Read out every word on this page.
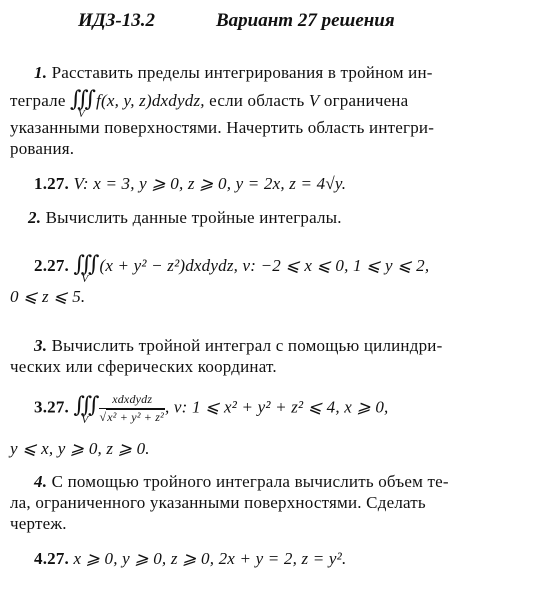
ИДЗ-13.2	Вариант 27 решения
1. Расставить пределы интегрирования в тройном ин-
теграле ∭
V
f(x, y, z)dxdydz, если область V ограничена
указанными поверхностями. Начертить область интегри-
рования.
1.27. V: x = 3, y ⩾ 0, z ⩾ 0, y = 2x, z = 4√y.
2. Вычислить данные тройные интегралы.
2.27. ∭
V
(x + y² − z²)dxdydz, v: −2 ⩽ x ⩽ 0, 1 ⩽ y ⩽ 2,
0 ⩽ z ⩽ 5.
3. Вычислить тройной интеграл с помощью цилиндри-
ческих или сферических координат.
3.27. ∭
V $\frac{\text{xdxdydz}}{\text{√x² + y² + z²}}$ , v: 1 ⩽ x² + y² + z² ⩽ 4, x ⩾ 0,
y ⩽ x, y ⩾ 0, z ⩾ 0.
4. С помощью тройного интеграла вычислить объем те-
ла, ограниченного указанными поверхностями. Сделать
чертеж.
4.27. x ⩾ 0, y ⩾ 0, z ⩾ 0, 2x + y = 2, z = y².
